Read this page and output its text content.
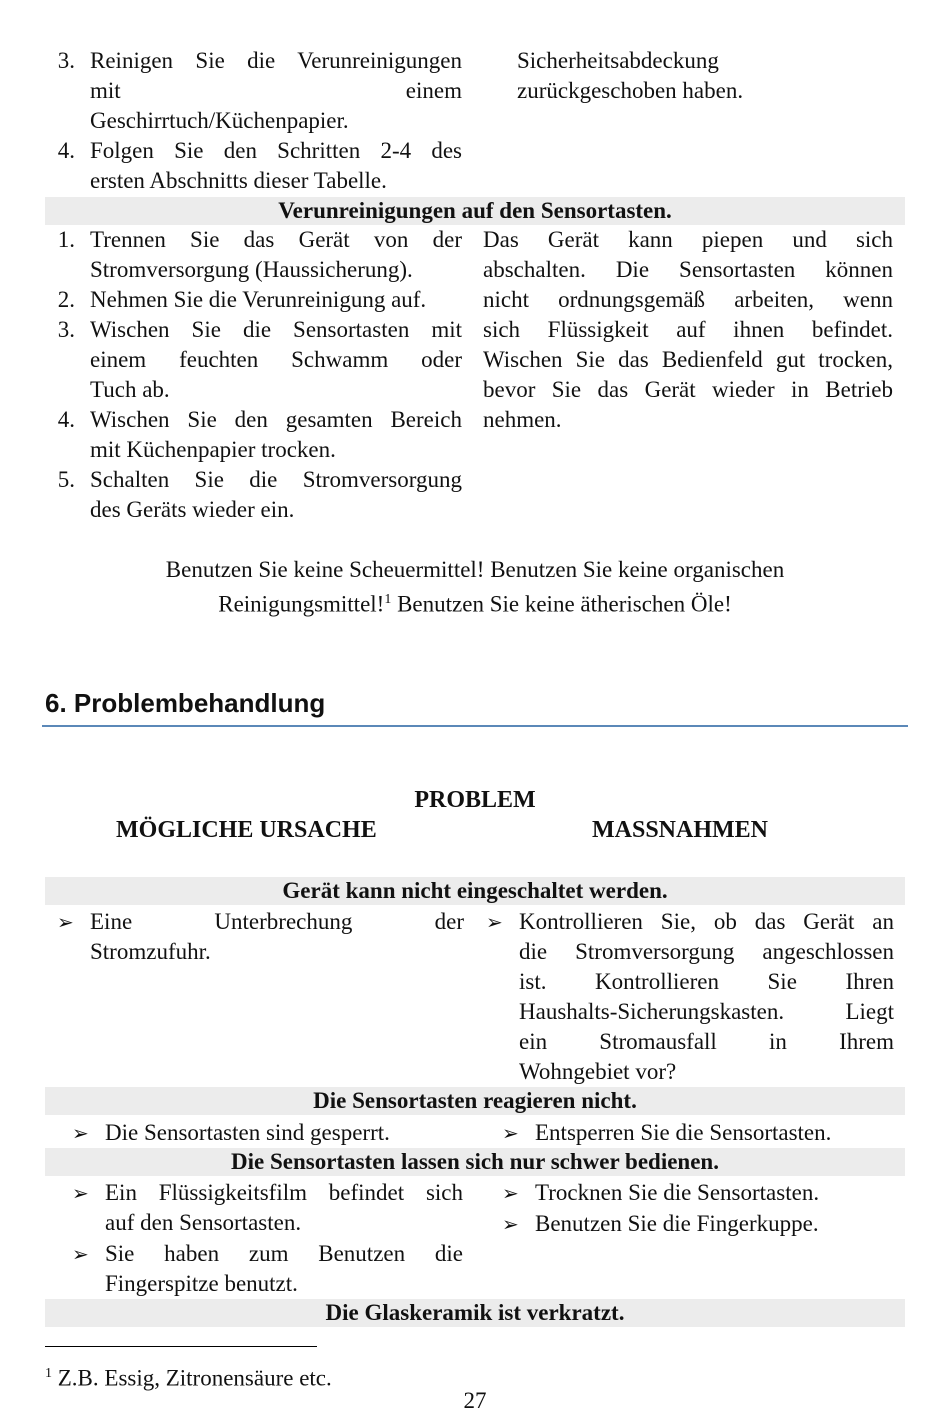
3. Reinigen Sie die Verunreinigungen
mit einem
Geschirrtuch/Küchenpapier.
4. Folgen Sie den Schritten 2-4 des
ersten Abschnitts dieser Tabelle.
Sicherheitsabdeckung
zurückgeschoben haben.
Verunreinigungen auf den Sensortasten.
1. Trennen Sie das Gerät von der
Stromversorgung (Haussicherung).
2. Nehmen Sie die Verunreinigung auf.
3. Wischen Sie die Sensortasten mit
einem feuchten Schwamm oder
Tuch ab.
4. Wischen Sie den gesamten Bereich
mit Küchenpapier trocken.
5. Schalten Sie die Stromversorgung
des Geräts wieder ein.
Das Gerät kann piepen und sich
abschalten. Die Sensortasten können
nicht ordnungsgemäß arbeiten, wenn
sich Flüssigkeit auf ihnen befindet.
Wischen Sie das Bedienfeld gut trocken,
bevor Sie das Gerät wieder in Betrieb
nehmen.
Benutzen Sie keine Scheuermittel! Benutzen Sie keine organischen
Reinigungsmittel!$^1$ Benutzen Sie keine ätherischen Öle!
6. Problembehandlung
PROBLEM
MÖGLICHE URSACHE	MASSNAHMEN
Gerät kann nicht eingeschaltet werden.
➢ Eine Unterbrechung der
Stromzufuhr.
➢ Kontrollieren Sie, ob das Gerät an
die Stromversorgung angeschlossen
ist. Kontrollieren Sie Ihren
Haushalts-Sicherungskasten. Liegt
ein Stromausfall in Ihrem
Wohngebiet vor?
Die Sensortasten reagieren nicht.
➢ Die Sensortasten sind gesperrt.	➢ Entsperren Sie die Sensortasten.
Die Sensortasten lassen sich nur schwer bedienen.
➢ Ein Flüssigkeitsfilm befindet sich
auf den Sensortasten.
➢ Sie haben zum Benutzen die
Fingerspitze benutzt.
➢ Trocknen Sie die Sensortasten.
➢ Benutzen Sie die Fingerkuppe.
Die Glaskeramik ist verkratzt.
$^1$ Z.B. Essig, Zitronensäure etc.
27
